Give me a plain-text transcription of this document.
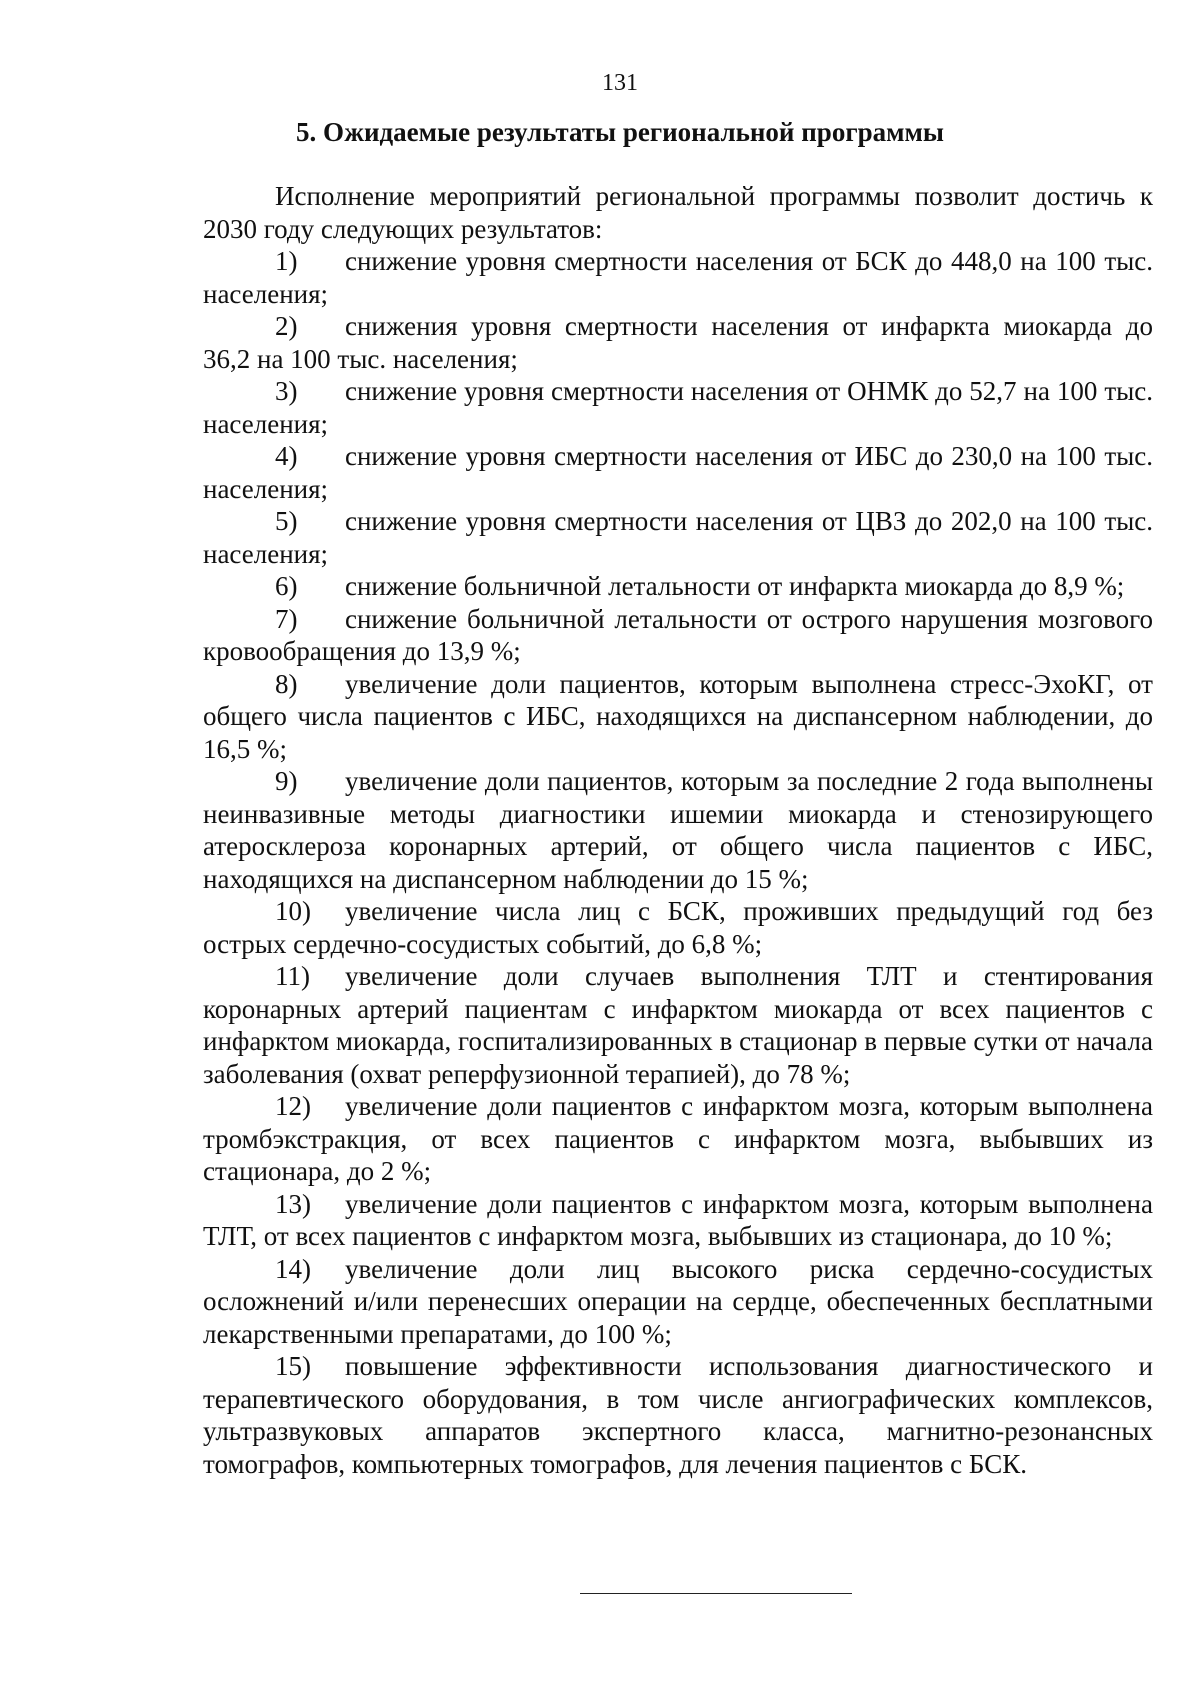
131
5. Ожидаемые результаты региональной программы

Исполнение мероприятий региональной программы позволит достичь к 2030 году следующих результатов:

1) снижение уровня смертности населения от БСК до 448,0 на 100 тыс. населения;
2) снижения уровня смертности населения от инфаркта миокарда до 36,2 на 100 тыс. населения;
3) снижение уровня смертности населения от ОНМК до 52,7 на 100 тыс. населения;
4) снижение уровня смертности населения от ИБС до 230,0 на 100 тыс. населения;
5) снижение уровня смертности населения от ЦВЗ до 202,0 на 100 тыс. населения;
6) снижение больничной летальности от инфаркта миокарда до 8,9 %;
7) снижение больничной летальности от острого нарушения мозгового кровообращения до 13,9 %;
8) увеличение доли пациентов, которым выполнена стресс-ЭхоКГ, от общего числа пациентов с ИБС, находящихся на диспансерном наблюдении, до 16,5 %;
9) увеличение доли пациентов, которым за последние 2 года выполнены неинвазивные методы диагностики ишемии миокарда и стенозирующего атеросклероза коронарных артерий, от общего числа пациентов с ИБС, находящихся на диспансерном наблюдении до 15 %;
10) увеличение числа лиц с БСК, проживших предыдущий год без острых сердечно-сосудистых событий, до 6,8 %;
11) увеличение доли случаев выполнения ТЛТ и стентирования коронарных артерий пациентам с инфарктом миокарда от всех пациентов с инфарктом миокарда, госпитализированных в стационар в первые сутки от начала заболевания (охват реперфузионной терапией), до 78 %;
12) увеличение доли пациентов с инфарктом мозга, которым выполнена тромбэкстракция, от всех пациентов с инфарктом мозга, выбывших из стационара, до 2 %;
13) увеличение доли пациентов с инфарктом мозга, которым выполнена ТЛТ, от всех пациентов с инфарктом мозга, выбывших из стационара, до 10 %;
14) увеличение доли лиц высокого риска сердечно-сосудистых осложнений и/или перенесших операции на сердце, обеспеченных бесплатными лекарственными препаратами, до 100 %;
15) повышение эффективности использования диагностического и терапевтического оборудования, в том числе ангиографических комплексов, ультразвуковых аппаратов экспертного класса, магнитно-резонансных томографов, компьютерных томографов, для лечения пациентов с БСК.
